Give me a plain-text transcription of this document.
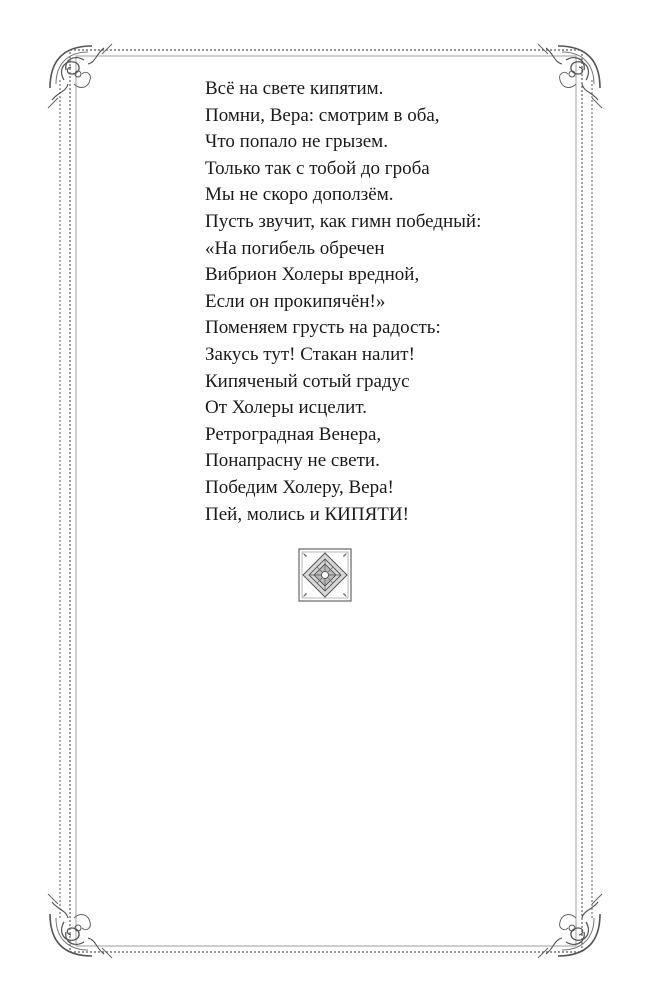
Всё на свете кипятим.
Помни, Вера: смотрим в оба,
Что попало не грызем.
Только так с тобой до гроба
Мы не скоро доползём.
Пусть звучит, как гимн победный:
«На погибель обречен
Вибрион Холеры вредной,
Если он прокипячён!»
Поменяем грусть на радость:
Закусь тут! Стакан налит!
Кипяченый сотый градус
От Холеры исцелит.
Ретроградная Венера,
Понапрасну не свети.
Победим Холеру, Вера!
Пей, молись и КИПЯТИ!
